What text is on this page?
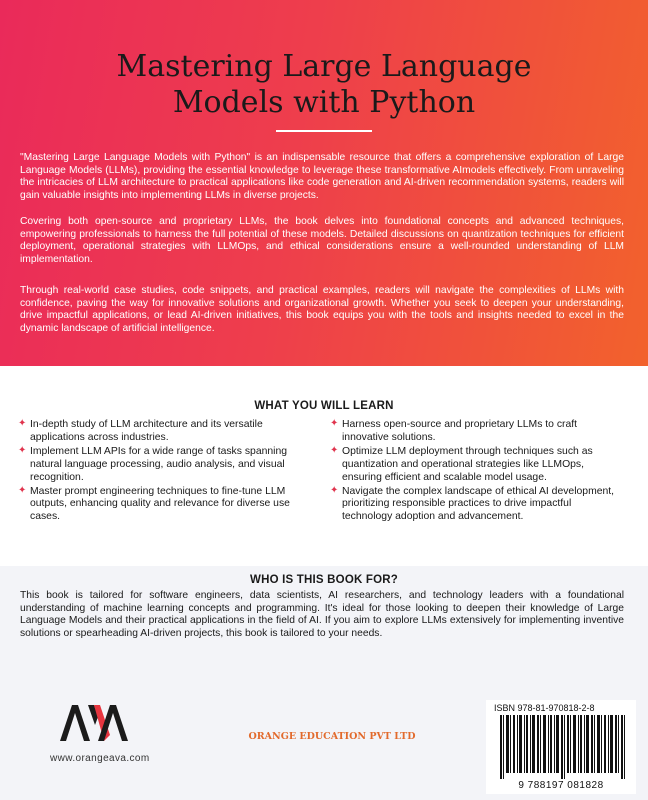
Mastering Large Language
Models with Python

"Mastering Large Language Models with Python" is an indispensable resource that offers a comprehensive exploration of Large Language Models (LLMs), providing the essential knowledge to leverage these transformative AImodels effectively. From unraveling the intricacies of LLM architecture to practical applications like code generation and AI-driven recommendation systems, readers will gain valuable insights into implementing LLMs in diverse projects.

Covering both open-source and proprietary LLMs, the book delves into foundational concepts and advanced techniques, empowering professionals to harness the full potential of these models. Detailed discussions on quantization techniques for efficient deployment, operational strategies with LLMOps, and ethical considerations ensure a well-rounded understanding of LLM implementation.

Through real-world case studies, code snippets, and practical examples, readers will navigate the complexities of LLMs with confidence, paving the way for innovative solutions and organizational growth. Whether you seek to deepen your understanding, drive impactful applications, or lead AI-driven initiatives, this book equips you with the tools and insights needed to excel in the dynamic landscape of artificial intelligence.

WHAT YOU WILL LEARN
✦ In-depth study of LLM architecture and its versatile applications across industries.
✦ Implement LLM APIs for a wide range of tasks spanning natural language processing, audio analysis, and visual recognition.
✦ Master prompt engineering techniques to fine-tune LLM outputs, enhancing quality and relevance for diverse use cases.
✦ Harness open-source and proprietary LLMs to craft innovative solutions.
✦ Optimize LLM deployment through techniques such as quantization and operational strategies like LLMOps, ensuring efficient and scalable model usage.
✦ Navigate the complex landscape of ethical AI development, prioritizing responsible practices to drive impactful technology adoption and advancement.
WHO IS THIS BOOK FOR?

This book is tailored for software engineers, data scientists, AI researchers, and technology leaders with a foundational understanding of machine learning concepts and programming. It's ideal for those looking to deepen their knowledge of Large Language Models and their practical applications in the field of AI. If you aim to explore LLMs extensively for implementing inventive solutions or spearheading AI-driven projects, this book is tailored to your needs.

www.orangeava.com
ORANGE EDUCATION PVT LTD
ISBN 978-81-970818-2-8
9 788197 081828
